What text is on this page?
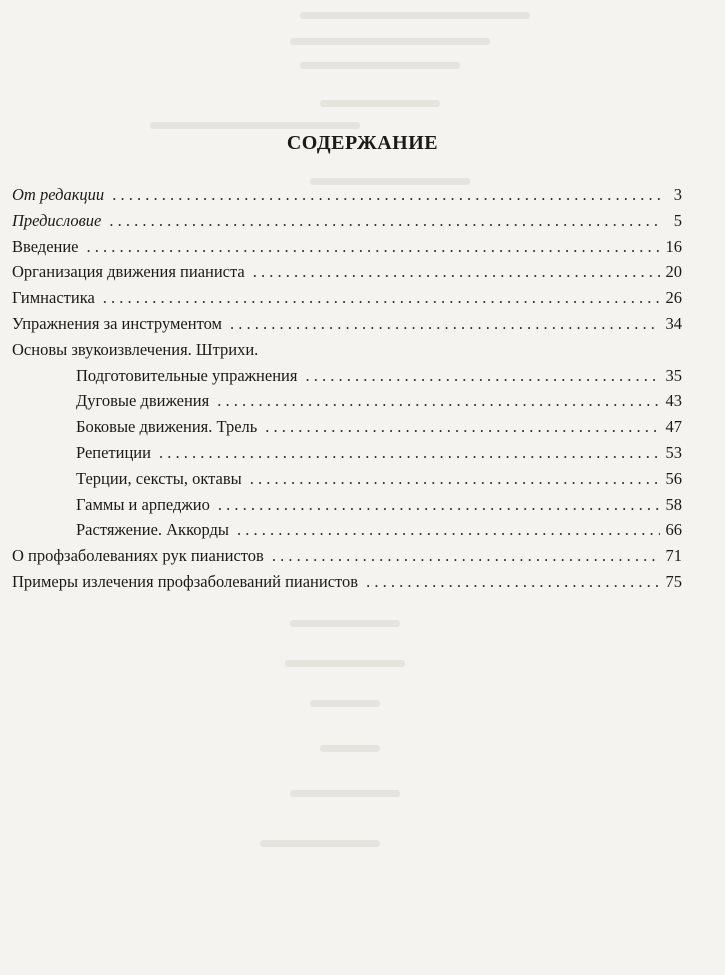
СОДЕРЖАНИЕ
От редакции . . .	3
Предисловие . . .	5
Введение . . .	16
Организация движения пианиста . . .	20
Гимнастика . . .	26
Упражнения за инструментом . . .	34
Основы звукоизвлечения. Штрихи.
Подготовительные упражнения . . .	35
Дуговые движения . . .	43
Боковые движения. Трель . . .	47
Репетиции . . .	53
Терции, сексты, октавы . . .	56
Гаммы и арпеджио . . .	58
Растяжение. Аккорды . . .	66
О профзаболеваниях рук пианистов . . .	71
Примеры излечения профзаболеваний пианистов . . .	75
